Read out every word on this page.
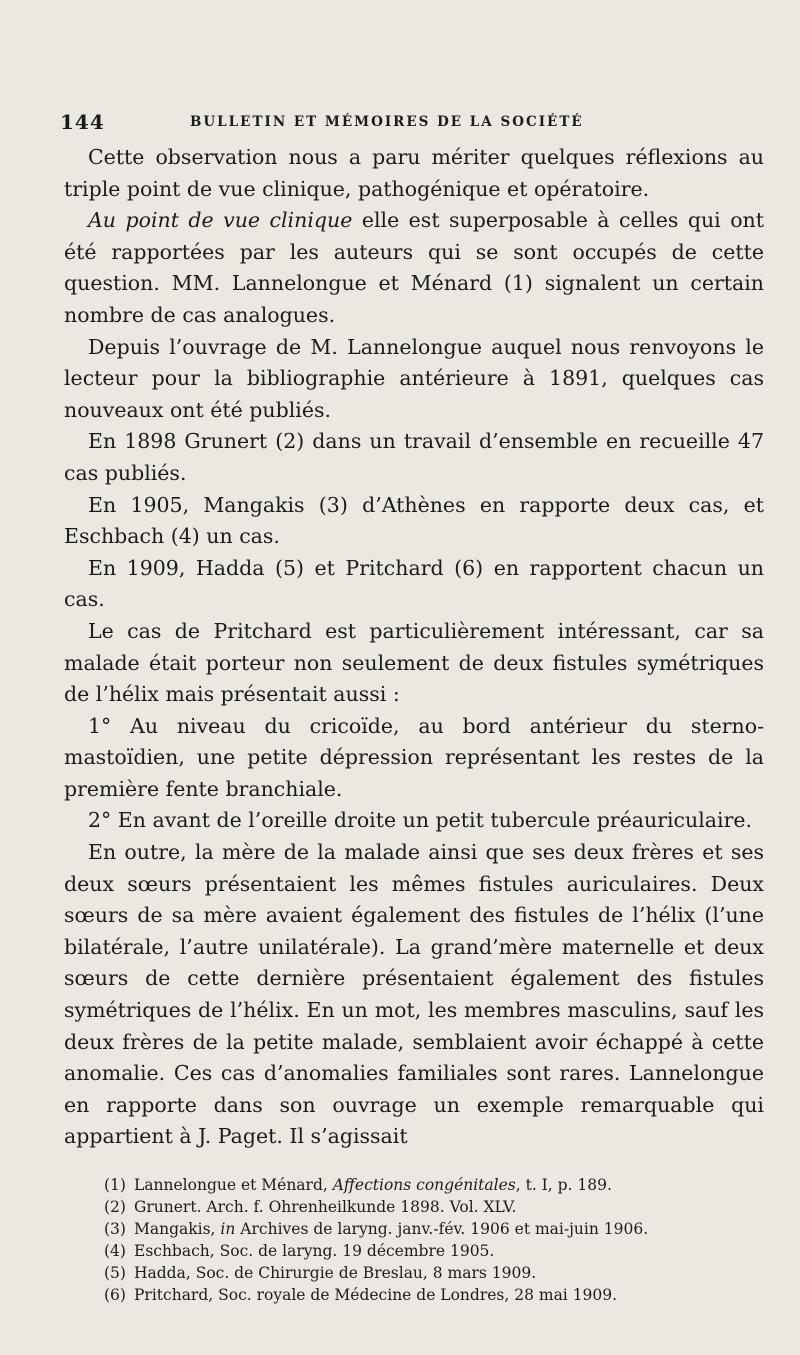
144	BULLETIN ET MÉMOIRES DE LA SOCIÉTÉ

Cette observation nous a paru mériter quelques réflexions au triple point de vue clinique, pathogénique et opératoire.

Au point de vue clinique elle est superposable à celles qui ont été rapportées par les auteurs qui se sont occupés de cette question. MM. Lannelongue et Ménard (1) signalent un certain nombre de cas analogues.

Depuis l’ouvrage de M. Lannelongue auquel nous renvoyons le lecteur pour la bibliographie antérieure à 1891, quelques cas nouveaux ont été publiés.

En 1898 Grunert (2) dans un travail d’ensemble en recueille 47 cas publiés.

En 1905, Mangakis (3) d’Athènes en rapporte deux cas, et Eschbach (4) un cas.

En 1909, Hadda (5) et Pritchard (6) en rapportent chacun un cas.

Le cas de Pritchard est particulièrement intéressant, car sa malade était porteur non seulement de deux fistules symétriques de l’hélix mais présentait aussi :

1° Au niveau du cricoïde, au bord antérieur du sterno-mastoïdien, une petite dépression représentant les restes de la première fente branchiale.

2° En avant de l’oreille droite un petit tubercule préauriculaire.

En outre, la mère de la malade ainsi que ses deux frères et ses deux sœurs présentaient les mêmes fistules auriculaires. Deux sœurs de sa mère avaient également des fistules de l’hélix (l’une bilatérale, l’autre unilatérale). La grand’mère maternelle et deux sœurs de cette dernière présentaient également des fistules symétriques de l’hélix. En un mot, les membres masculins, sauf les deux frères de la petite malade, semblaient avoir échappé à cette anomalie. Ces cas d’anomalies familiales sont rares. Lannelongue en rapporte dans son ouvrage un exemple remarquable qui appartient à J. Paget. Il s’agissait

(1) Lannelongue et Ménard, Affections congénitales, t. I, p. 189.

(2) Grunert. Arch. f. Ohrenheilkunde 1898. Vol. XLV.

(3) Mangakis, in Archives de laryng. janv.-fév. 1906 et mai-juin 1906.

(4) Eschbach, Soc. de laryng. 19 décembre 1905.

(5) Hadda, Soc. de Chirurgie de Breslau, 8 mars 1909.

(6) Pritchard, Soc. royale de Médecine de Londres, 28 mai 1909.
